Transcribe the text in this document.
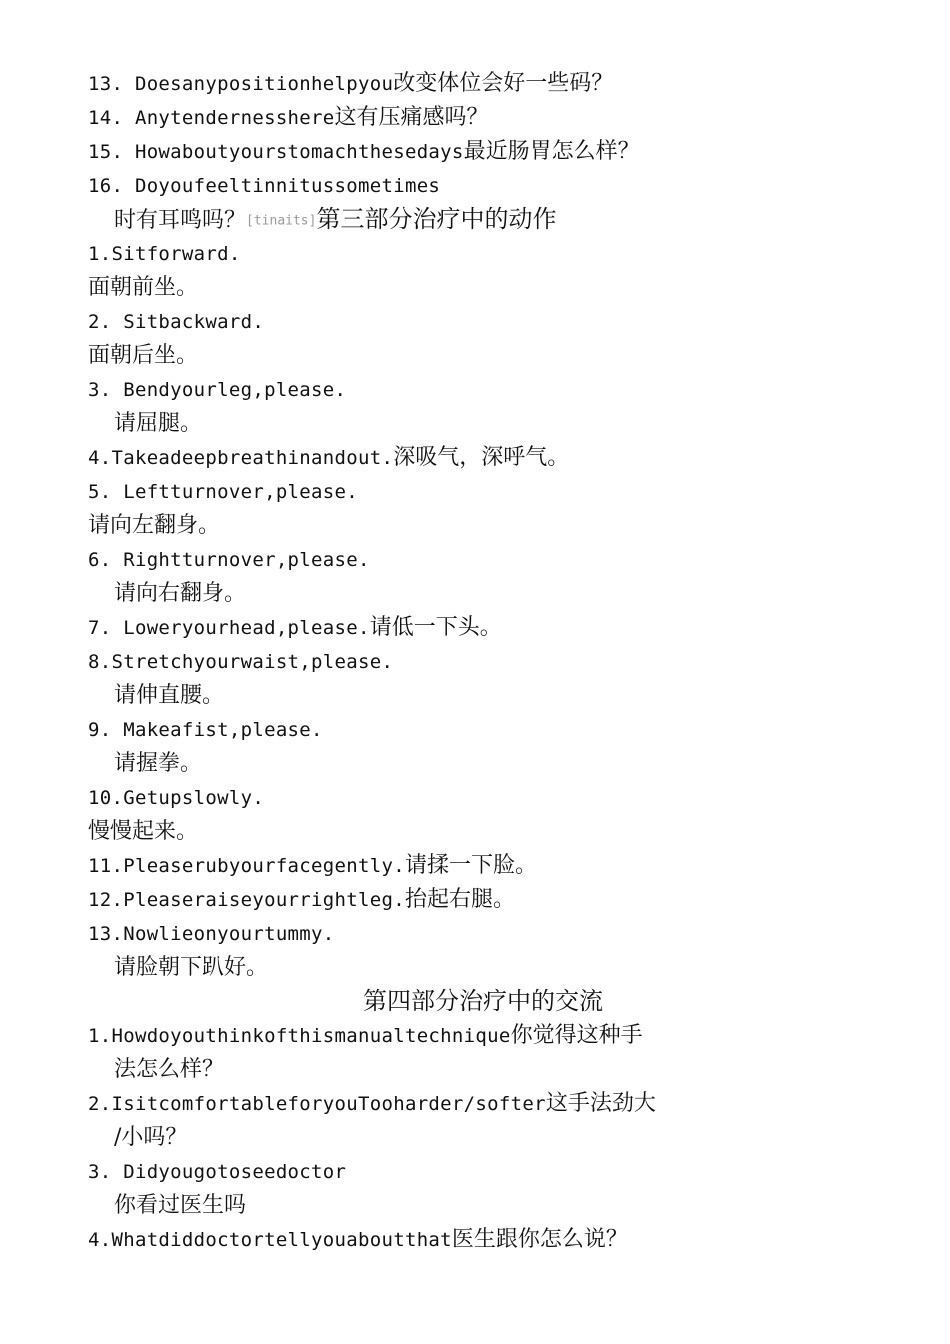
13. Doesanypositionhelpyou改变体位会好一些码？
14. Anytendernesshere这有压痛感吗？
15. Howaboutyourstomachthesedays最近肠胃怎么样？
16. Doyoufeeltinnitussometimes
时有耳鸣吗？[tinaits]第三部分治疗中的动作
1.Sitforward.
面朝前坐。
2. Sitbackward.
面朝后坐。
3. Bendyourleg,please.
请屈腿。
4.Takeadeepbreathinandout.深吸气，深呼气。
5. Leftturnover,please.
请向左翻身。
6. Rightturnover,please.
请向右翻身。
7. Loweryourhead,please.请低一下头。
8.Stretchyourwaist,please.
请伸直腰。
9. Makeafist,please.
请握拳。
10.Getupslowly.
慢慢起来。
11.Pleaserubyourfacegently.请揉一下脸。
12.Pleaseraiseyourrightleg.抬起右腿。
13.Nowlieonyourtummy.
请脸朝下趴好。
第四部分治疗中的交流
1.Howdoyouthinkofthismanualtechnique你觉得这种手
法怎么样？
2.IsitcomfortableforyouTooharder/softer这手法劲大
/小吗？
3. Didyougotoseedoctor
你看过医生吗
4.Whatdiddoctortellyouaboutthat医生跟你怎么说？
